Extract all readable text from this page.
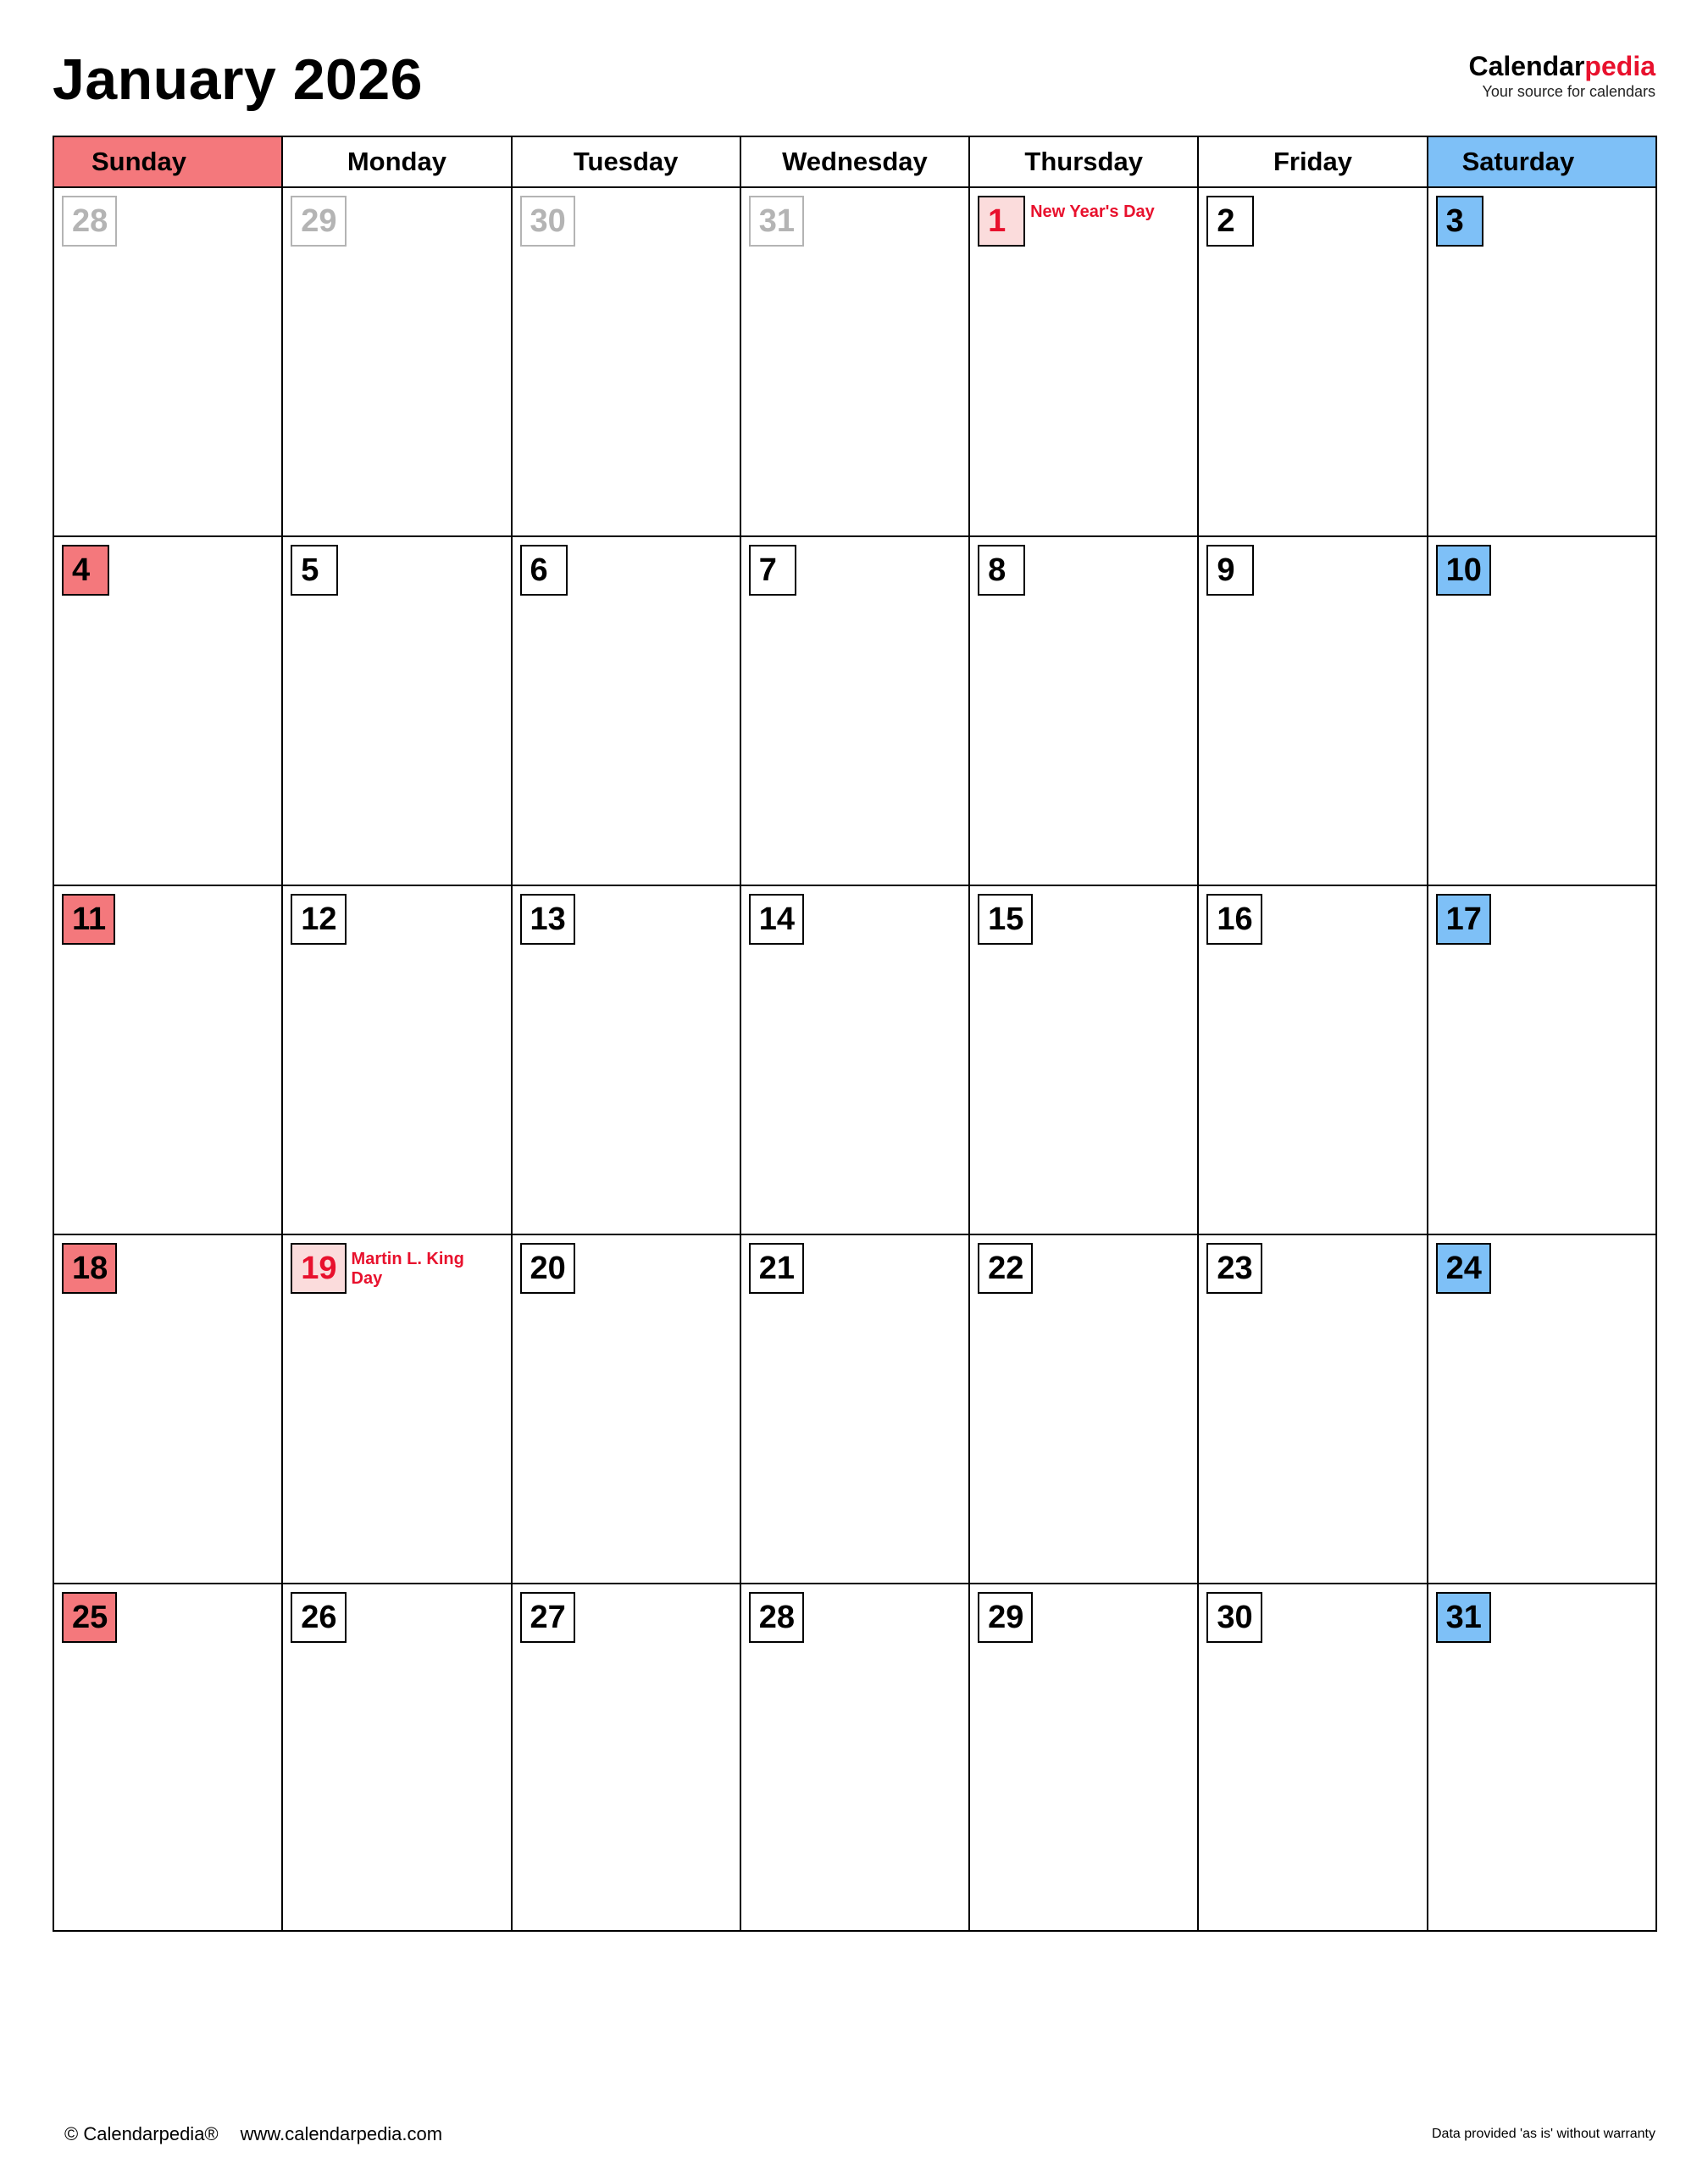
January 2026	Calendarpedia
Your source for calendars
Sunday	Monday	Tuesday	Wednesday	Thursday	Friday	Saturday

28	29	30	31	1 New Year's Day	2	3

4	5	6	7	8	9	10

11	12	13	14	15	16	17

18	19 Martin L. King Day	20	21	22	23	24

25	26	27	28	29	30	31
© Calendarpedia® www.calendarpedia.com	Data provided 'as is' without warranty
